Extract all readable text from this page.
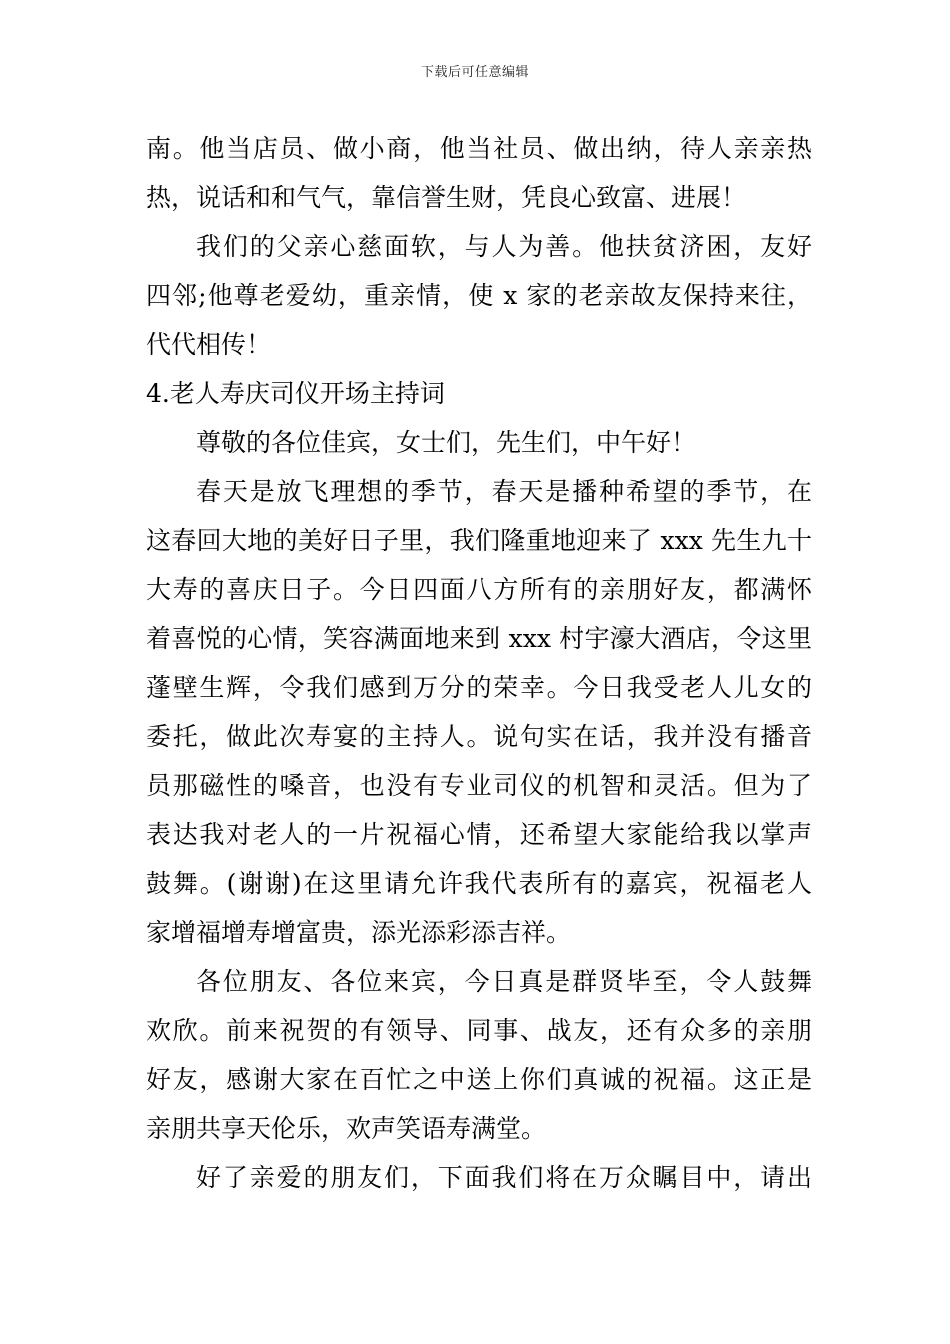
下载后可任意编辑
南。他当店员、做小商，他当社员、做出纳，待人亲亲热
热，说话和和气气，靠信誉生财，凭良心致富、进展！
我们的父亲心慈面软，与人为善。他扶贫济困，友好
四邻;他尊老爱幼，重亲情，使 x 家的老亲故友保持来往，
代代相传！
4.老人寿庆司仪开场主持词
尊敬的各位佳宾，女士们，先生们，中午好！
春天是放飞理想的季节，春天是播种希望的季节，在
这春回大地的美好日子里，我们隆重地迎来了 xxx 先生九十
大寿的喜庆日子。今日四面八方所有的亲朋好友，都满怀
着喜悦的心情，笑容满面地来到 xxx 村宇濠大酒店，令这里
蓬壁生辉，令我们感到万分的荣幸。今日我受老人儿女的
委托，做此次寿宴的主持人。说句实在话，我并没有播音
员那磁性的嗓音，也没有专业司仪的机智和灵活。但为了
表达我对老人的一片祝福心情，还希望大家能给我以掌声
鼓舞。(谢谢)在这里请允许我代表所有的嘉宾，祝福老人
家增福增寿增富贵，添光添彩添吉祥。
各位朋友、各位来宾，今日真是群贤毕至，令人鼓舞
欢欣。前来祝贺的有领导、同事、战友，还有众多的亲朋
好友，感谢大家在百忙之中送上你们真诚的祝福。这正是
亲朋共享天伦乐，欢声笑语寿满堂。
好了亲爱的朋友们，下面我们将在万众瞩目中，请出
